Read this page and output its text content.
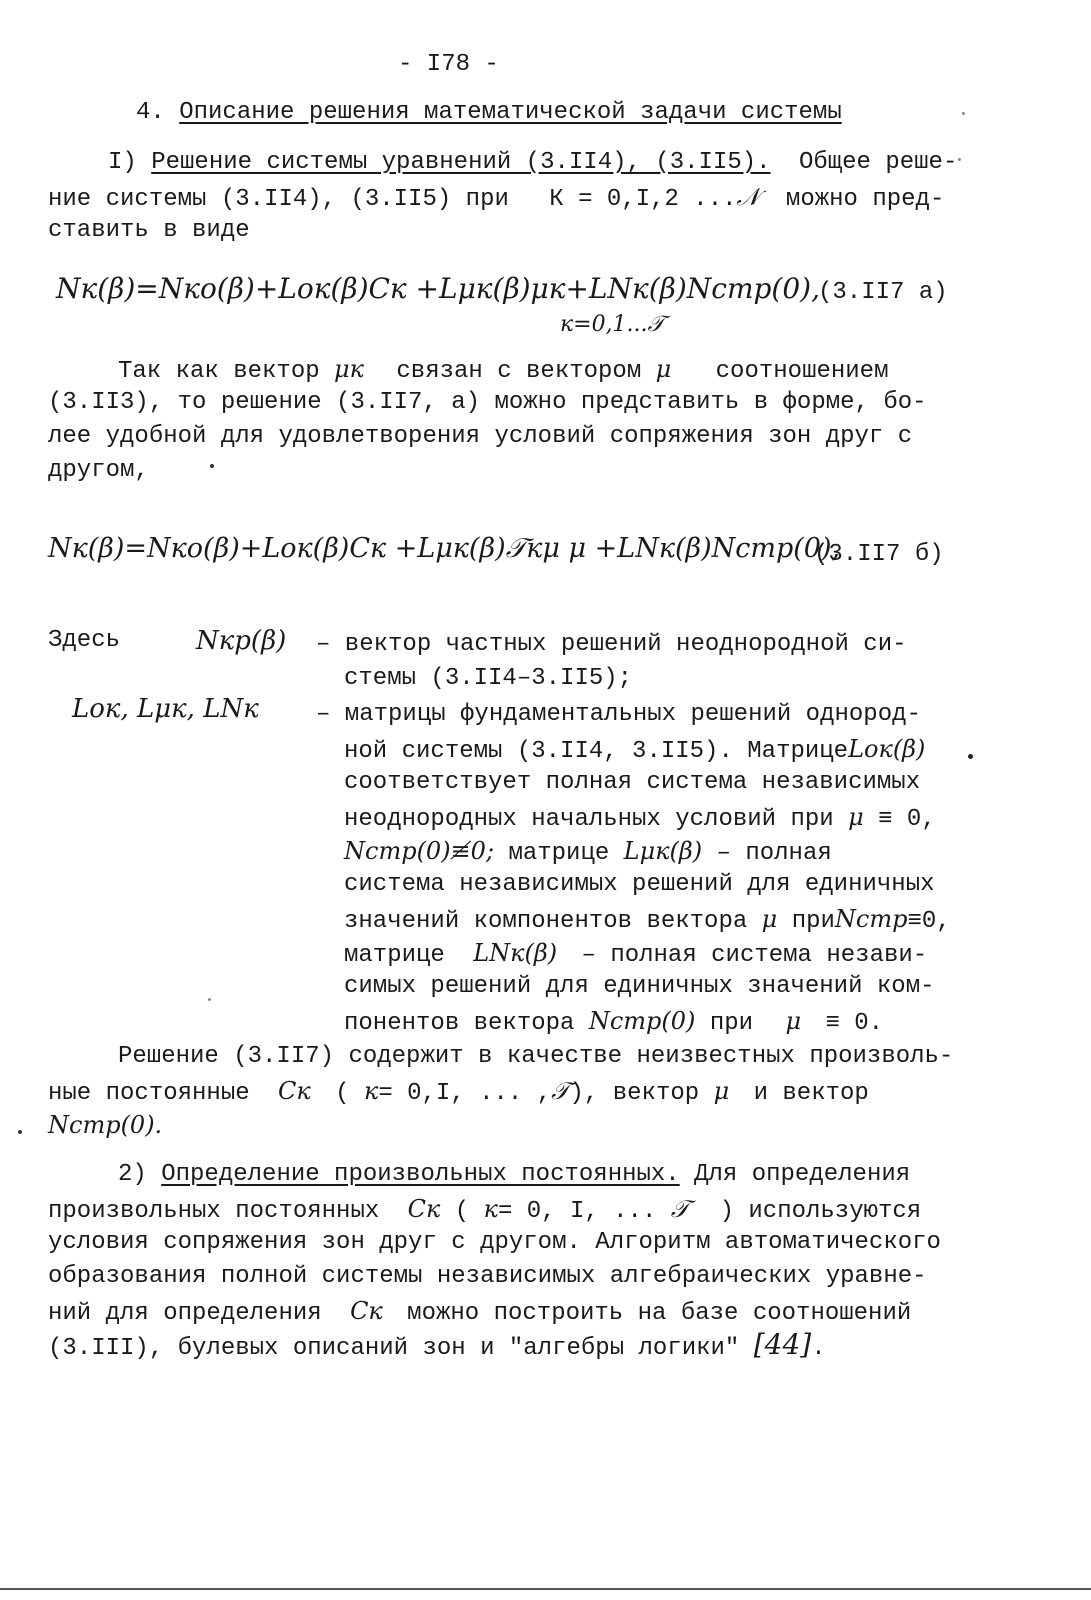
- I78 -
4. Описание решения математической задачи системы
I) Решение системы уравнений (3.II4), (3.II5). Общее реше-
ние системы (3.II4), (3.II5) при К = 0,I,2 ...𝒩 можно пред-
ставить в виде
Nк(β)=Nкo(β)+Lок(β)Cк +Lμк(β)μк+LNк(β)Nсmp(0),
к=0,1...𝒯
(3.II7 а)
Так как вектор μк связан с вектором μ соотношением
(3.II3), то решение (3.II7, а) можно представить в форме, бо-
лее удобной для удовлетворения условий сопряжения зон друг с
другом,
Nк(β)=Nкo(β)+Lок(β)Cк +Lμк(β)𝒯кμ μ +LNк(β)Nсmp(0),
(3.II7 б)
Здесь	Nкр(β) – вектор частных решений неоднородной си-
стемы (3.II4–3.II5);
Lок, Lμк, LNк – матрицы фундаментальных решений однород-
ной системы (3.II4, 3.II5). МатрицеLок(β)
соответствует полная система независимых
неоднородных начальных условий при μ ≡ 0,
Nсmp(0)≢0; матрице Lμк(β) – полная
система независимых решений для единичных
значений компонентов вектора μ приNсmp≡0,
матрице LNк(β) – полная система незави-
симых решений для единичных значений ком-
понентов вектора Nсmp(0) при μ ≡ 0.
Решение (3.II7) содержит в качестве неизвестных произволь-
ные постоянные Cк ( к= 0,I, ... ,𝒯), вектор μ и вектор
Nсmp(0).
2) Определение произвольных постоянных. Для определения
произвольных постоянных Cк ( к= 0, I, ... 𝒯 ) используются
условия сопряжения зон друг с другом. Алгоритм автоматического
образования полной системы независимых алгебраических уравне-
ний для определения Cк можно построить на базе соотношений
(3.III), булевых описаний зон и "алгебры логики" [44].
